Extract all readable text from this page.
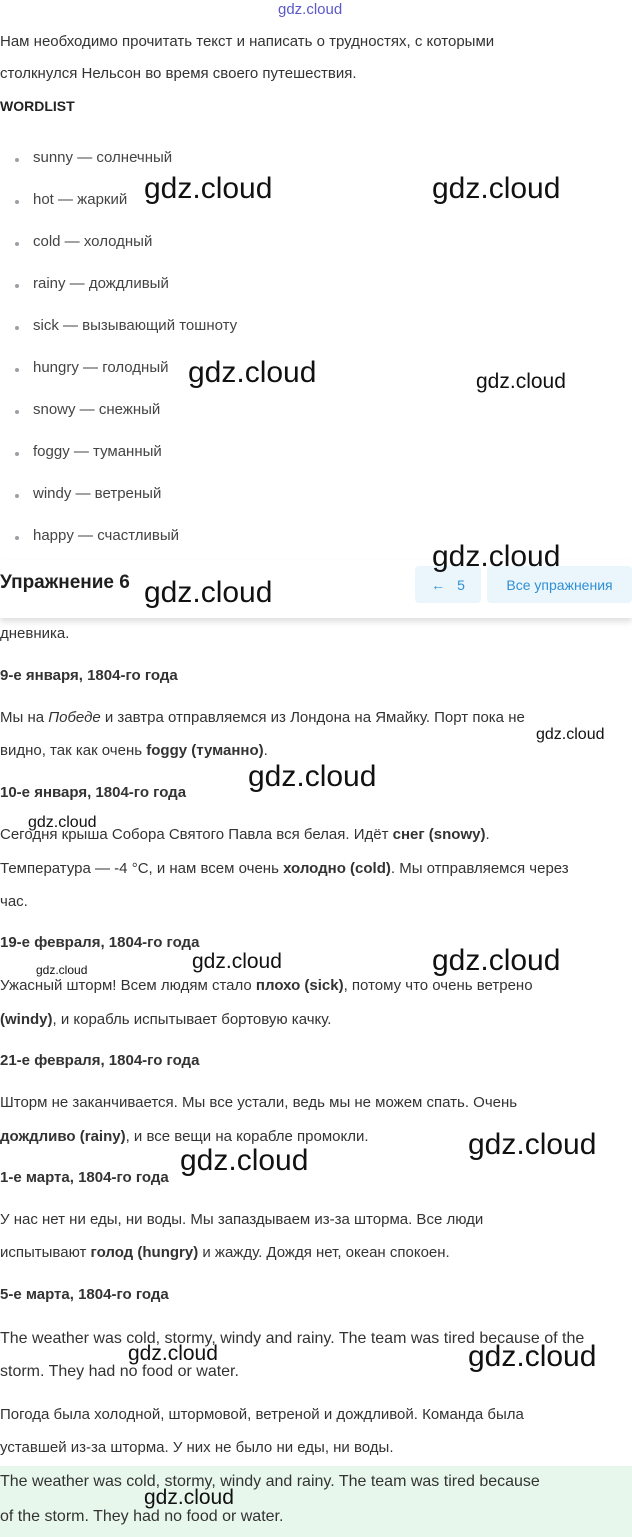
gdz.cloud
Нам необходимо прочитать текст и написать о трудностях, с которыми
столкнулся Нельсон во время своего путешествия.
WORDLIST
sunny — солнечный
hot — жаркий
cold — холодный
rainy — дождливый
sick — вызывающий тошноту
hungry — голодный
snowy — снежный
foggy — туманный
windy — ветреный
happy — счастливый
Упражнение 6	← 5	Все упражнения
дневника.
9-е января, 1804-го года
Мы на Победе и завтра отправляемся из Лондона на Ямайку. Порт пока не
видно, так как очень foggy (туманно).
10-е января, 1804-го года
Сегодня крыша Собора Святого Павла вся белая. Идёт снег (snowy).
Температура — -4 °С, и нам всем очень холодно (cold). Мы отправляемся через
час.
19-е февраля, 1804-го года
Ужасный шторм! Всем людям стало плохо (sick), потому что очень ветрено
(windy), и корабль испытывает бортовую качку.
21-е февраля, 1804-го года
Шторм не заканчивается. Мы все устали, ведь мы не можем спать. Очень
дождливо (rainy), и все вещи на корабле промокли.
1-е марта, 1804-го года
У нас нет ни еды, ни воды. Мы запаздываем из-за шторма. Все люди
испытывают голод (hungry) и жажду. Дождя нет, океан спокоен.
5-е марта, 1804-го года
The weather was cold, stormy, windy and rainy. The team was tired because of the
storm. They had no food or water.
Погода была холодной, штормовой, ветреной и дождливой. Команда была
уставшей из-за шторма. У них не было ни еды, ни воды.
The weather was cold, stormy, windy and rainy. The team was tired because
of the storm. They had no food or water.
gdz.cloud	gdz.cloud
gdz.cloud	gdz.cloud
gdz.cloud
gdz.cloud
gdz.cloud
gdz.cloud
gdz.cloud
gdz.cloud	gdz.cloud
gdz.cloud
gdz.cloud
gdz.cloud
gdz.cloud	gdz.cloud
gdz.cloud
